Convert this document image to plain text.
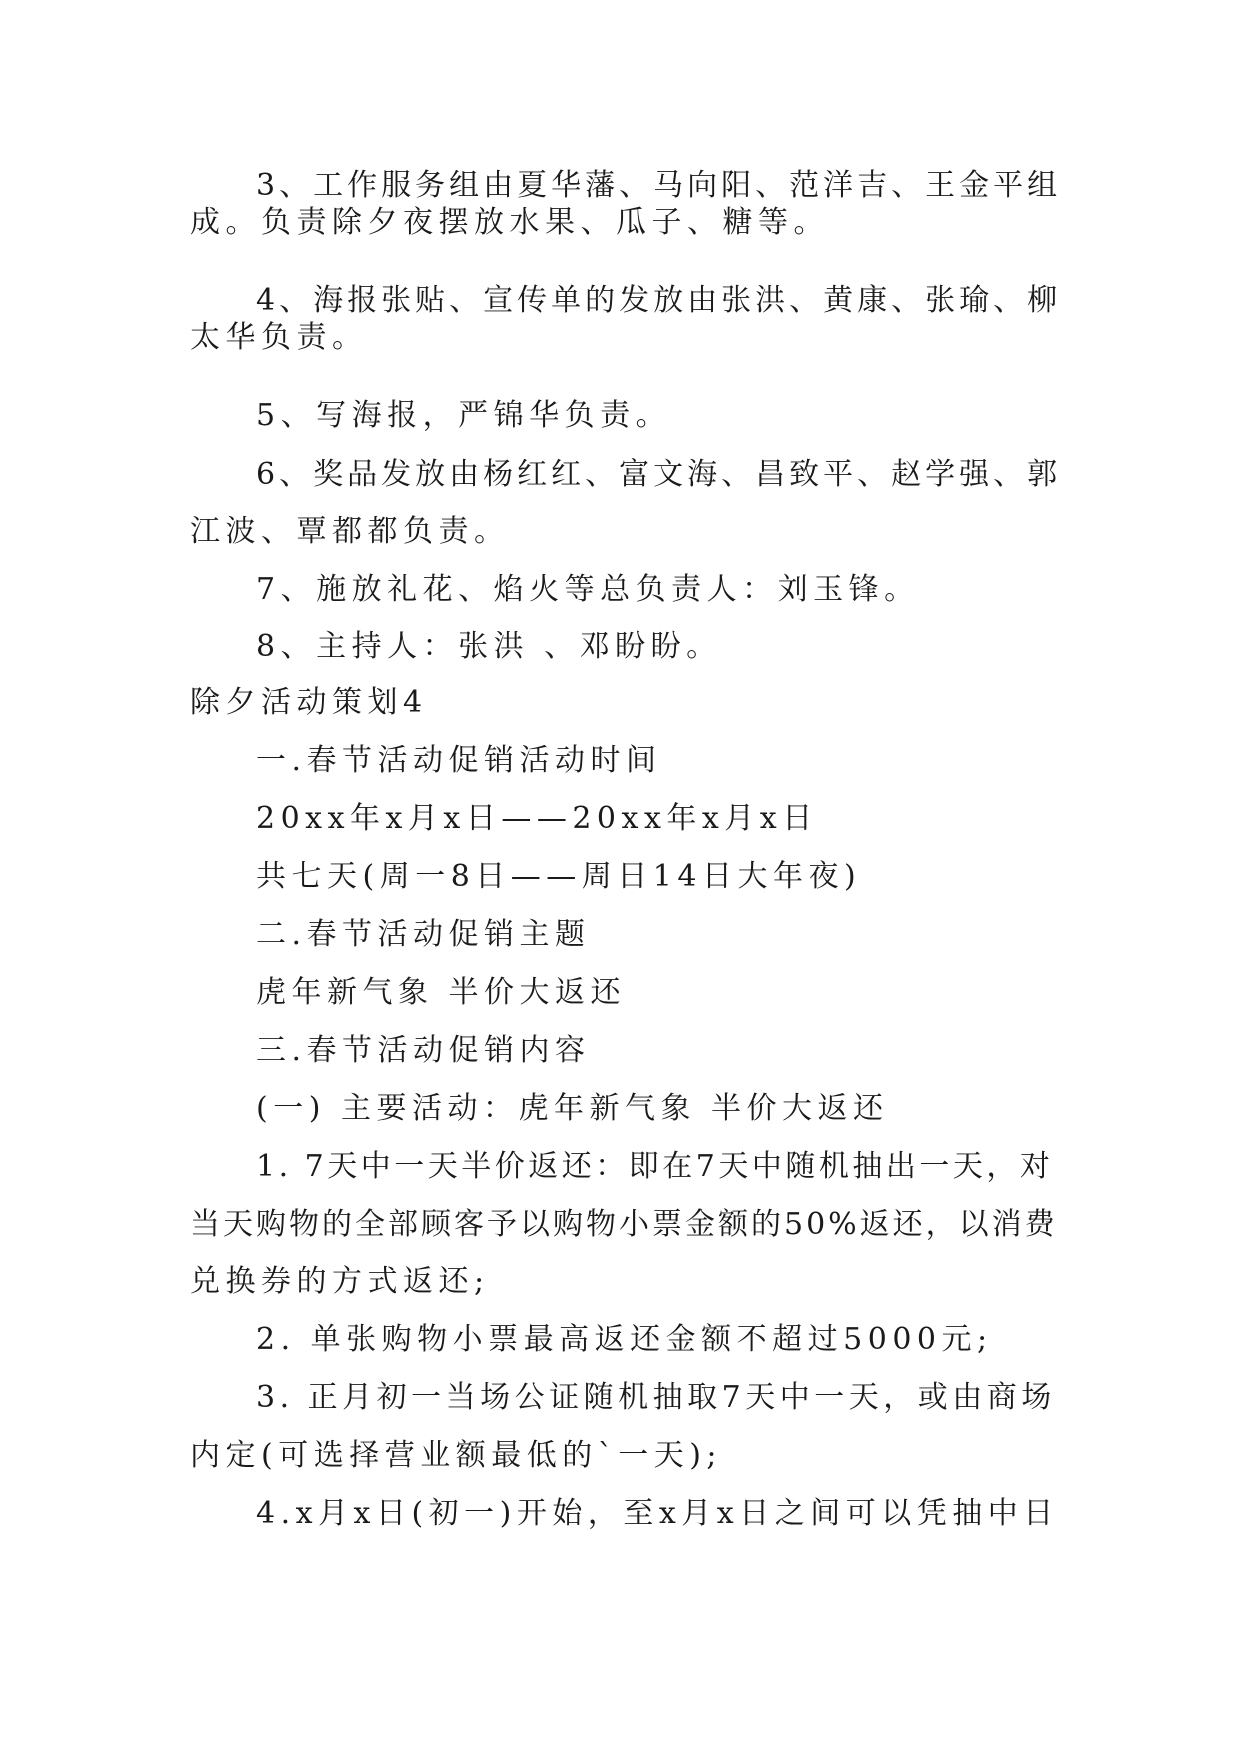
3、工作服务组由夏华藩、马向阳、范洋吉、王金平组
成。负责除夕夜摆放水果、瓜子、糖等。
4、海报张贴、宣传单的发放由张洪、黄康、张瑜、柳
太华负责。
5、写海报，严锦华负责。
6、奖品发放由杨红红、富文海、昌致平、赵学强、郭
江波、覃都都负责。
7、施放礼花、焰火等总负责人：刘玉锋。
8、主持人：张洪 、邓盼盼。
除夕活动策划4
一.春节活动促销活动时间
20xx年x月x日——20xx年x月x日
共七天(周一8日——周日14日大年夜)
二.春节活动促销主题
虎年新气象 半价大返还
三.春节活动促销内容
(一) 主要活动：虎年新气象 半价大返还
1. 7天中一天半价返还：即在7天中随机抽出一天，对
当天购物的全部顾客予以购物小票金额的50%返还，以消费
兑换券的方式返还;
2. 单张购物小票最高返还金额不超过5000元;
3. 正月初一当场公证随机抽取7天中一天，或由商场
内定(可选择营业额最低的`一天);
4.x月x日(初一)开始，至x月x日之间可以凭抽中日
